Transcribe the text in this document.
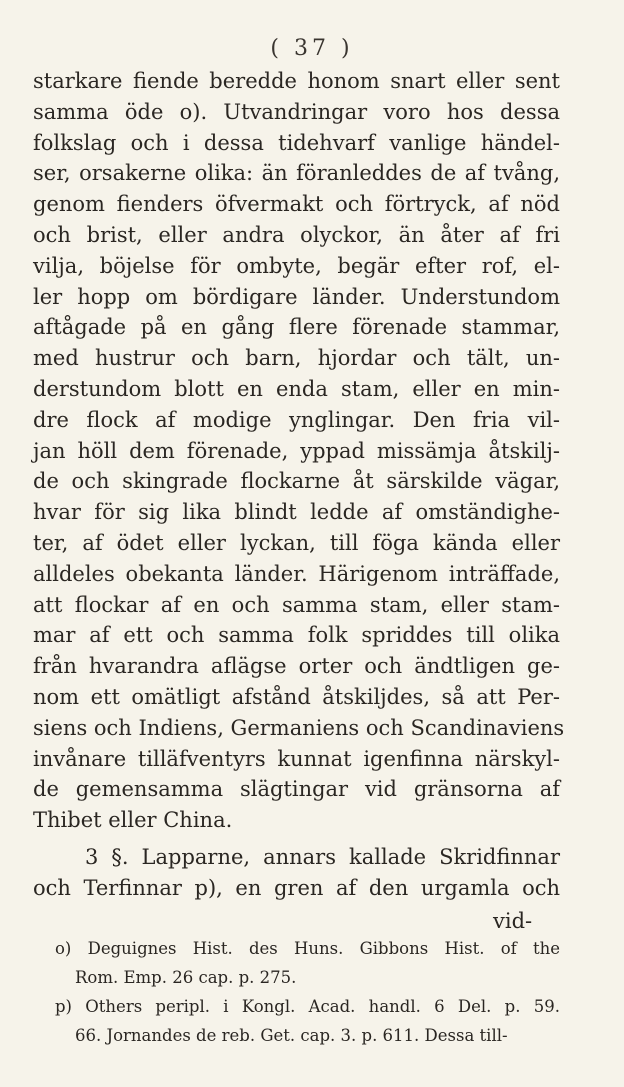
( 37 )
starkare fiende beredde honom snart eller sent
samma öde o). Utvandringar voro hos dessa
folkslag och i dessa tidehvarf vanlige händel-
ser, orsakerne olika: än föranleddes de af tvång,
genom fienders öfvermakt och förtryck, af nöd
och brist, eller andra olyckor, än åter af fri
vilja, böjelse för ombyte, begär efter rof, el-
ler hopp om bördigare länder. Understundom
aftågade på en gång flere förenade stammar,
med hustrur och barn, hjordar och tält, un-
derstundom blott en enda stam, eller en min-
dre flock af modige ynglingar. Den fria vil-
jan höll dem förenade, yppad missämja åtskilj-
de och skingrade flockarne åt särskilde vägar,
hvar för sig lika blindt ledde af omständighe-
ter, af ödet eller lyckan, till föga kända eller
alldeles obekanta länder. Härigenom inträffade,
att flockar af en och samma stam, eller stam-
mar af ett och samma folk spriddes till olika
från hvarandra aflägse orter och ändtligen ge-
nom ett omätligt afstånd åtskiljdes, så att Per-
siens och Indiens, Germaniens och Scandinaviens
invånare tilläfventyrs kunnat igenfinna närskyl-
de gemensamma slägtingar vid gränsorna af
Thibet eller China.
3 §. Lapparne, annars kallade Skridfinnar
och Terfinnar p), en gren af den urgamla och
vid-
o) Deguignes Hist. des Huns. Gibbons Hist. of the
Rom. Emp. 26 cap. p. 275.
p) Others peripl. i Kongl. Acad. handl. 6 Del. p. 59.
66. Jornandes de reb. Get. cap. 3. p. 611. Dessa till-
